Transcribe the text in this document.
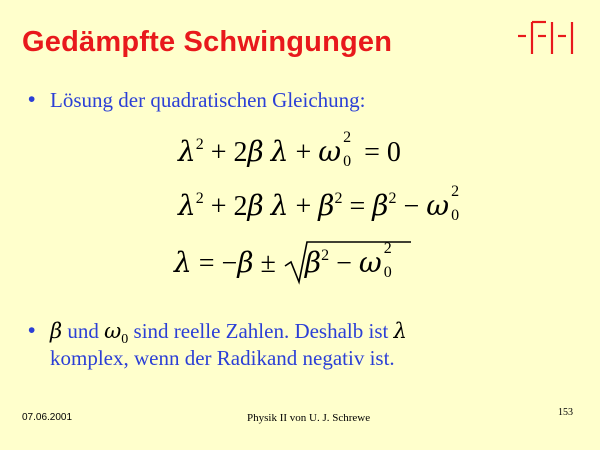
Gedämpfte Schwingungen
• Lösung der quadratischen Gleichung:
$\lambda^2 + 2\beta$ λ + ω 2
0 = 0
$\lambda^2 + 2\beta$ $\lambda + \beta^2 = \beta^2 - \omega$ 2
0
λ = −β ±
$\beta^2 - \omega$ 2
0
• β und $\omega_0$ sind reelle Zahlen. Deshalb ist λ
komplex, wenn der Radikand negativ ist.
07.06.2001	Physik II von U. J. Schrewe	153
